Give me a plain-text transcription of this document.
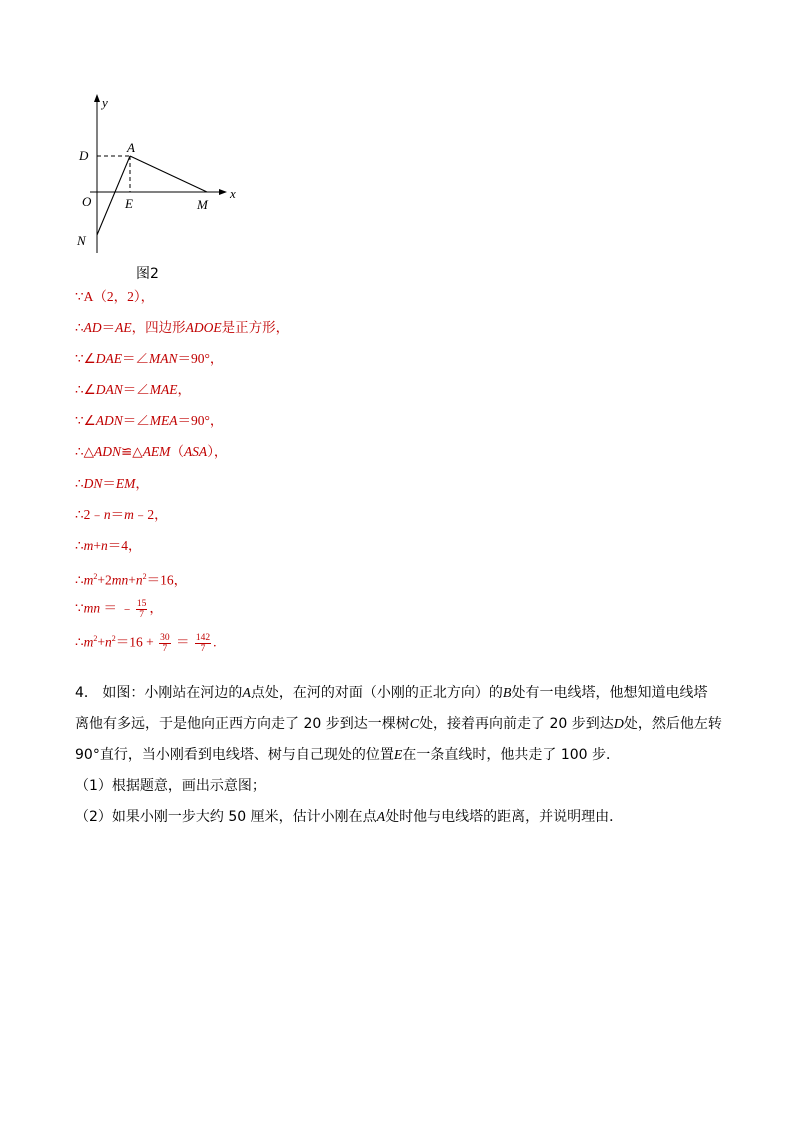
y
x
D
A
O	E	M
N
图2
∵A（2，2），
∴AD＝AE，四边形ADOE是正方形，
∵∠DAE＝∠MAN＝90°，
∴∠DAN＝∠MAE，
∵∠ADN＝∠MEA＝90°，
∴△ADN≌△AEM（ASA），
∴DN＝EM，
∴2﹣n＝m﹣2，
∴m+n＝4，
$\therefore m^2+2mn+n^2=16$，
∵mn ＝ ﹣ $\frac{15}{7}$ ，
$\therefore m^2+n^2=16 + \frac{30}{7} = \frac{142}{7}$ .
4． 如图：小刚站在河边的A点处，在河的对面（小刚的正北方向）的B处有一电线塔，他想知道电线塔
离他有多远，于是他向正西方向走了 20 步到达一棵树C处，接着再向前走了 20 步到达D处，然后他左转
90°直行，当小刚看到电线塔、树与自己现处的位置E在一条直线时，他共走了 100 步．
（1）根据题意，画出示意图；
（2）如果小刚一步大约 50 厘米，估计小刚在点A处时他与电线塔的距离，并说明理由．
